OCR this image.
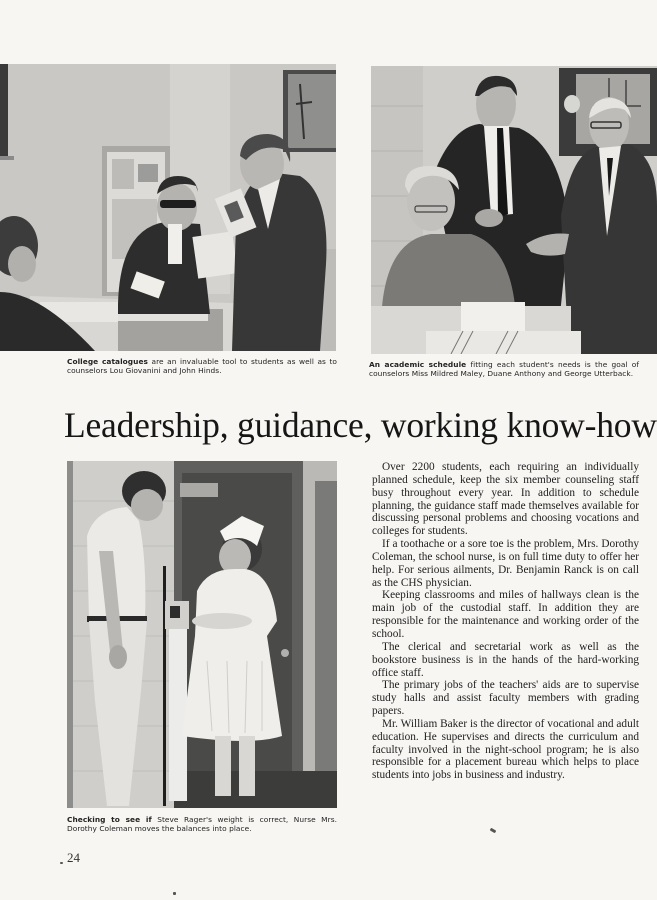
College catalogues are an invaluable tool to students as well as to counselors Lou Giovanini and John Hinds.
An academic schedule fitting each student's needs is the goal of counselors Miss Mildred Maley, Duane Anthony and George Utterback.
Leadership, guidance, working know-how
Checking to see if Steve Rager's weight is correct, Nurse Mrs. Dorothy Coleman moves the balances into place.

Over 2200 students, each requiring an individually planned schedule, keep the six member counseling staff busy throughout every year. In addition to schedule planning, the guidance staff made themselves available for discussing personal problems and choosing vocations and colleges for students.

If a toothache or a sore toe is the problem, Mrs. Dorothy Coleman, the school nurse, is on full time duty to offer her help. For serious ailments, Dr. Benjamin Ranck is on call as the CHS physician.

Keeping classrooms and miles of hallways clean is the main job of the custodial staff. In addition they are responsible for the maintenance and working order of the school.

The clerical and secretarial work as well as the bookstore business is in the hands of the hard-working office staff.

The primary jobs of the teachers' aids are to supervise study halls and assist faculty members with grading papers.

Mr. William Baker is the director of vocational and adult education. He supervises and directs the curriculum and faculty involved in the night-school program; he is also responsible for a placement bureau which helps to place students into jobs in business and industry.

24
